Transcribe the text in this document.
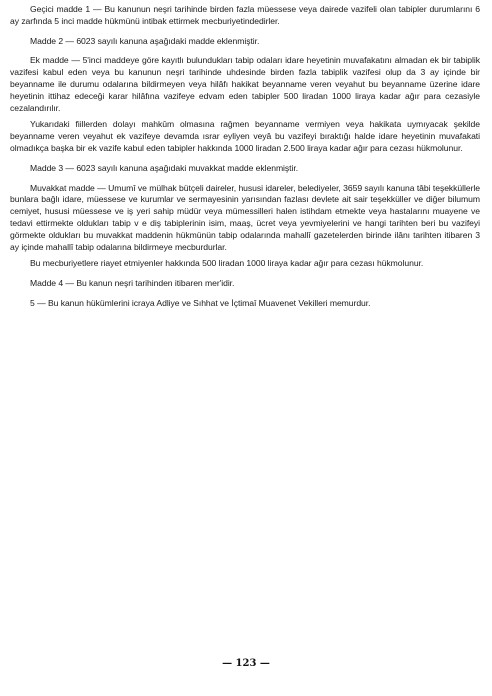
Geçici madde 1 — Bu kanunun neşri tarihinde birden fazla müessese veya dairede vazifeli olan tabipler durumlarını 6 ay zarfında 5 inci madde hükmünü intibak ettirmek mecburiyetindedirler.

Madde 2 — 6023 sayılı kanuna aşağıdaki madde eklenmiştir.

Ek madde — 5'inci maddeye göre kayıtlı bulundukları tabip odaları idare heyetinin muvafakatını almadan ek bir tabiplik vazifesi kabul eden veya bu kanunun neşri tarihinde uhdesinde birden fazla tabiplik vazifesi olup da 3 ay içinde bir beyanname ile durumu odalarına bildirmeyen veya hilâfı hakikat beyanname veren veyahut bu beyanname üzerine idare heyetinin ittihaz edeceği karar hilâfına vazifeye edvam eden tabipler 500 liradan 1000 liraya kadar ağır para cezasiyle cezalandırılır.

Yukarıdaki fiillerden dolayı mahkûm olmasına rağmen beyanname vermiyen veya hakikata uymıyacak şekilde beyanname veren veyahut ek vazifeye devamda ısrar eyliyen veyâ bu vazifeyi bıraktığı halde idare heyetinin muvafakati olmadıkça başka bir ek vazife kabul eden tabipler hakkında 1000 liradan 2.500 liraya kadar ağır para cezası hükmolunur.

Madde 3 — 6023 sayılı kanuna aşağıdaki muvakkat madde eklenmiştir.

Muvakkat madde — Umumî ve mülhak bütçeli daireler, hususi idareler, belediyeler, 3659 sayılı kanuna tâbi teşekküllerle bunlara bağlı idare, müessese ve kurumlar ve sermayesinin yarısından fazlası devlete ait sair teşekküller ve diğer bilumum cemiyet, hususi müessese ve iş yeri sahip müdür veya mümessilleri halen istihdam etmekte veya hastalarını muayene ve tedavi ettirmekte oldukları tabip v e diş tabiplerinin isim, maaş, ücret veya yevmiyelerini ve hangi tarihten beri bu vazifeyi görmekte oldukları bu muvakkat maddenin hükmünün tabip odalarında mahallî gazetelerden birinde ilânı tarihten itibaren 3 ay içinde mahallî tabip odalarına bildirmeye mecburdurlar.

Bu mecburiyetlere riayet etmiyenler hakkında 500 liradan 1000 liraya kadar ağır para cezası hükmolunur.

Madde 4 — Bu kanun neşri tarihinden itibaren mer'idir.

5 — Bu kanun hükümlerini icraya Adliye ve Sıhhat ve İçtimaî Muavenet Vekilleri memurdur.

— 123 —
